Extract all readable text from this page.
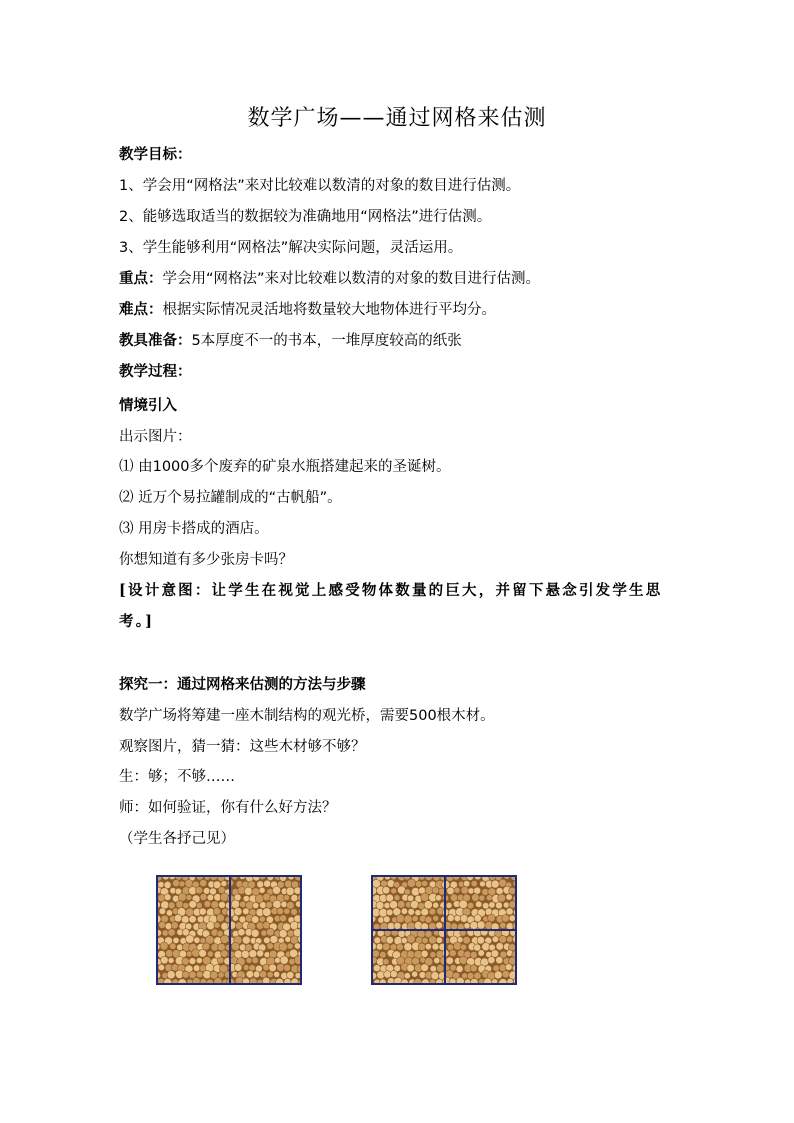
数学广场——通过网格来估测
教学目标：
1、学会用“网格法”来对比较难以数清的对象的数目进行估测。
2、能够选取适当的数据较为准确地用“网格法”进行估测。
3、学生能够利用“网格法”解决实际问题，灵活运用。
重点：学会用“网格法”来对比较难以数清的对象的数目进行估测。
难点：根据实际情况灵活地将数量较大地物体进行平均分。
教具准备：5本厚度不一的书本，一堆厚度较高的纸张
教学过程：
情境引入
出示图片：
⑴ 由1000多个废弃的矿泉水瓶搭建起来的圣诞树。
⑵ 近万个易拉罐制成的“古帆船”。
⑶ 用房卡搭成的酒店。
你想知道有多少张房卡吗？
[设计意图：让学生在视觉上感受物体数量的巨大，并留下悬念引发学生思
考。]
探究一：通过网格来估测的方法与步骤
数学广场将筹建一座木制结构的观光桥，需要500根木材。
观察图片，猜一猜：这些木材够不够？
生：够；不够……
师：如何验证，你有什么好方法？
（学生各抒己见）
